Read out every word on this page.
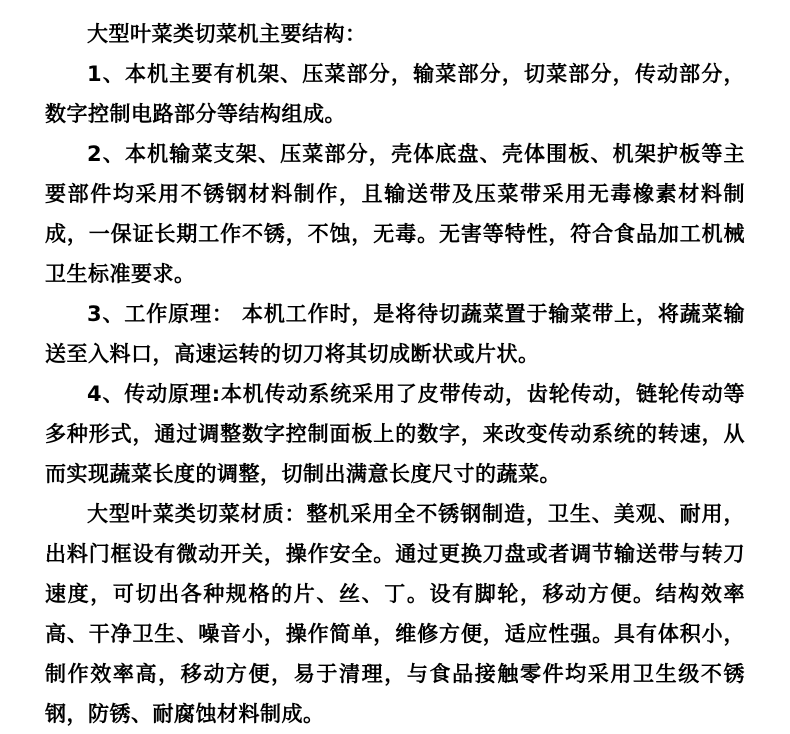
大型叶菜类切菜机主要结构：

1、本机主要有机架、压菜部分，输菜部分，切菜部分，传动部分，数字控制电路部分等结构组成。

2、本机输菜支架、压菜部分，壳体底盘、壳体围板、机架护板等主要部件均采用不锈钢材料制作，且输送带及压菜带采用无毒橡素材料制成，一保证长期工作不锈，不蚀，无毒。无害等特性，符合食品加工机械卫生标准要求。

3、工作原理： 本机工作时，是将待切蔬菜置于输菜带上，将蔬菜输送至入料口，高速运转的切刀将其切成断状或片状。

4、传动原理:本机传动系统采用了皮带传动，齿轮传动，链轮传动等多种形式，通过调整数字控制面板上的数字，来改变传动系统的转速，从而实现蔬菜长度的调整，切制出满意长度尺寸的蔬菜。

大型叶菜类切菜材质：整机采用全不锈钢制造，卫生、美观、耐用，出料门框设有微动开关，操作安全。通过更换刀盘或者调节输送带与转刀速度，可切出各种规格的片、丝、丁。设有脚轮，移动方便。结构效率高、干净卫生、噪音小，操作简单，维修方便，适应性强。具有体积小，制作效率高，移动方便，易于清理，与食品接触零件均采用卫生级不锈钢，防锈、耐腐蚀材料制成。
